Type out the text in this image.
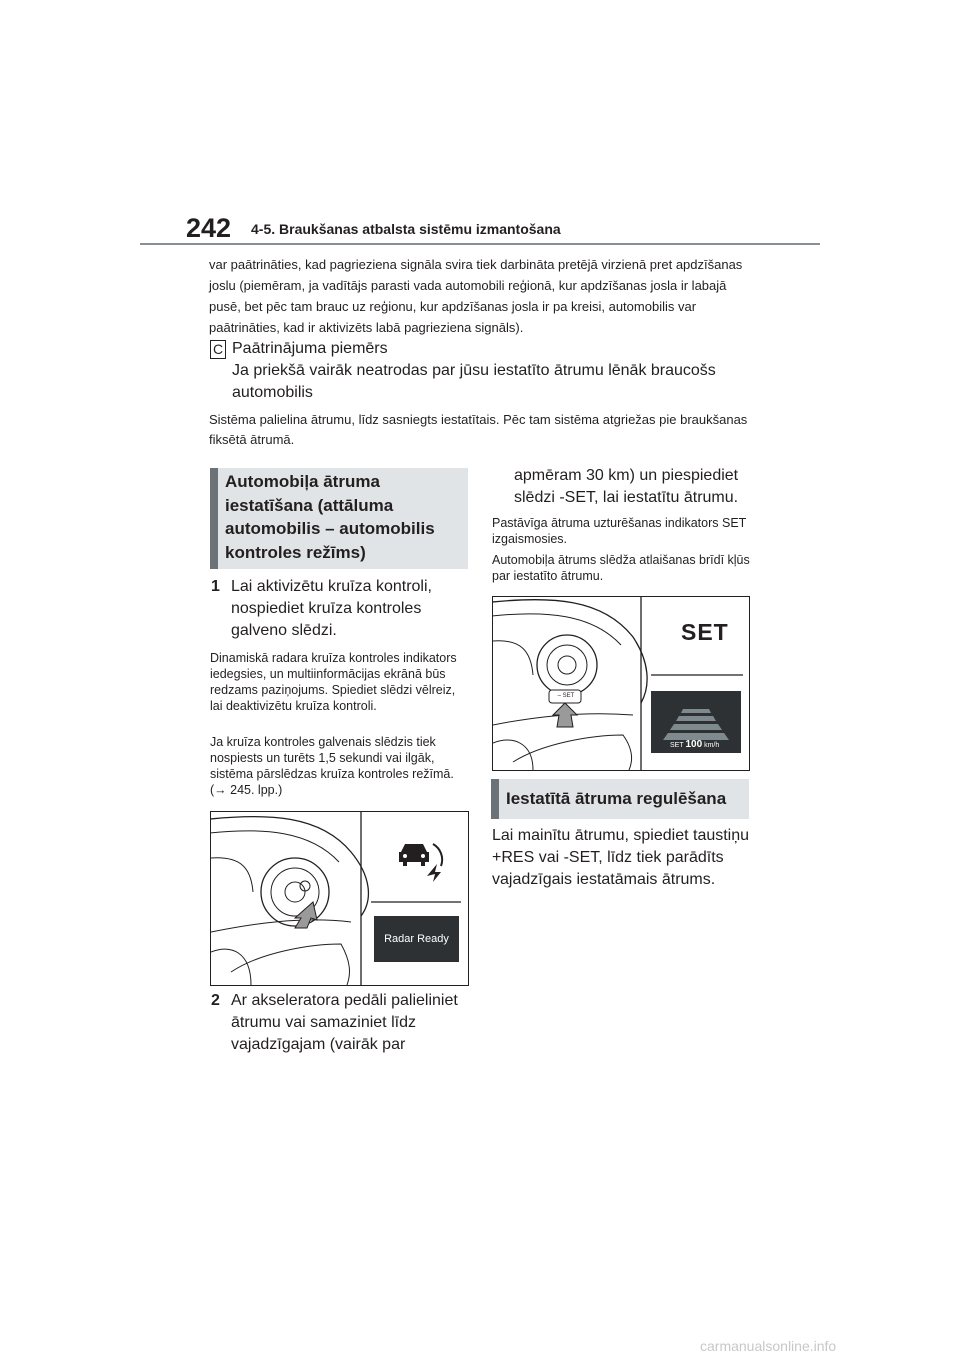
242 4-5. Braukšanas atbalsta sistēmu izmantošana
var paātrināties, kad pagrieziena signāla svira tiek darbināta pretējā virzienā pret apdzīšanas joslu (piemēram, ja vadītājs parasti vada automobili reģionā, kur apdzīšanas josla ir labajā pusē, bet pēc tam brauc uz reģionu, kur apdzīšanas josla ir pa kreisi, automobilis var paātrināties, kad ir aktivizēts labā pagrieziena signāls).
C Paātrinājuma piemērs
Ja priekšā vairāk neatrodas par jūsu iestatīto ātrumu lēnāk braucošs automobilis
Sistēma palielina ātrumu, līdz sasniegts iestatītais. Pēc tam sistēma atgriežas pie braukšanas fiksētā ātrumā.
Automobiļa ātruma iestatīšana (attāluma automobilis – automobilis kontroles režīms)
1 Lai aktivizētu kruīza kontroli, nospiediet kruīza kontroles galveno slēdzi.
Dinamiskā radara kruīza kontroles indikators iedegsies, un multiinformācijas ekrānā būs redzams paziņojums. Spiediet slēdzi vēlreiz, lai deaktivizētu kruīza kontroli.
Ja kruīza kontroles galvenais slēdzis tiek nospiests un turēts 1,5 sekundi vai ilgāk, sistēma pārslēdzas kruīza kontroles režīmā. (→ 245. lpp.)
Radar Ready
2 Ar akseleratora pedāli palieliniet ātrumu vai samaziniet līdz vajadzīgajam (vairāk par
apmēram 30 km) un piespiediet slēdzi -SET, lai iestatītu ātrumu.
Pastāvīga ātruma uzturēšanas indikators SET izgaismosies.
Automobiļa ātrums slēdža atlaišanas brīdī kļūs par iestatīto ātrumu.
SET
– SET
SET 100 km/h
Iestatītā ātruma regulēšana
Lai mainītu ātrumu, spiediet taustiņu +RES vai -SET, līdz tiek parādīts vajadzīgais iestatāmais ātrums.
carmanualsonline.info
